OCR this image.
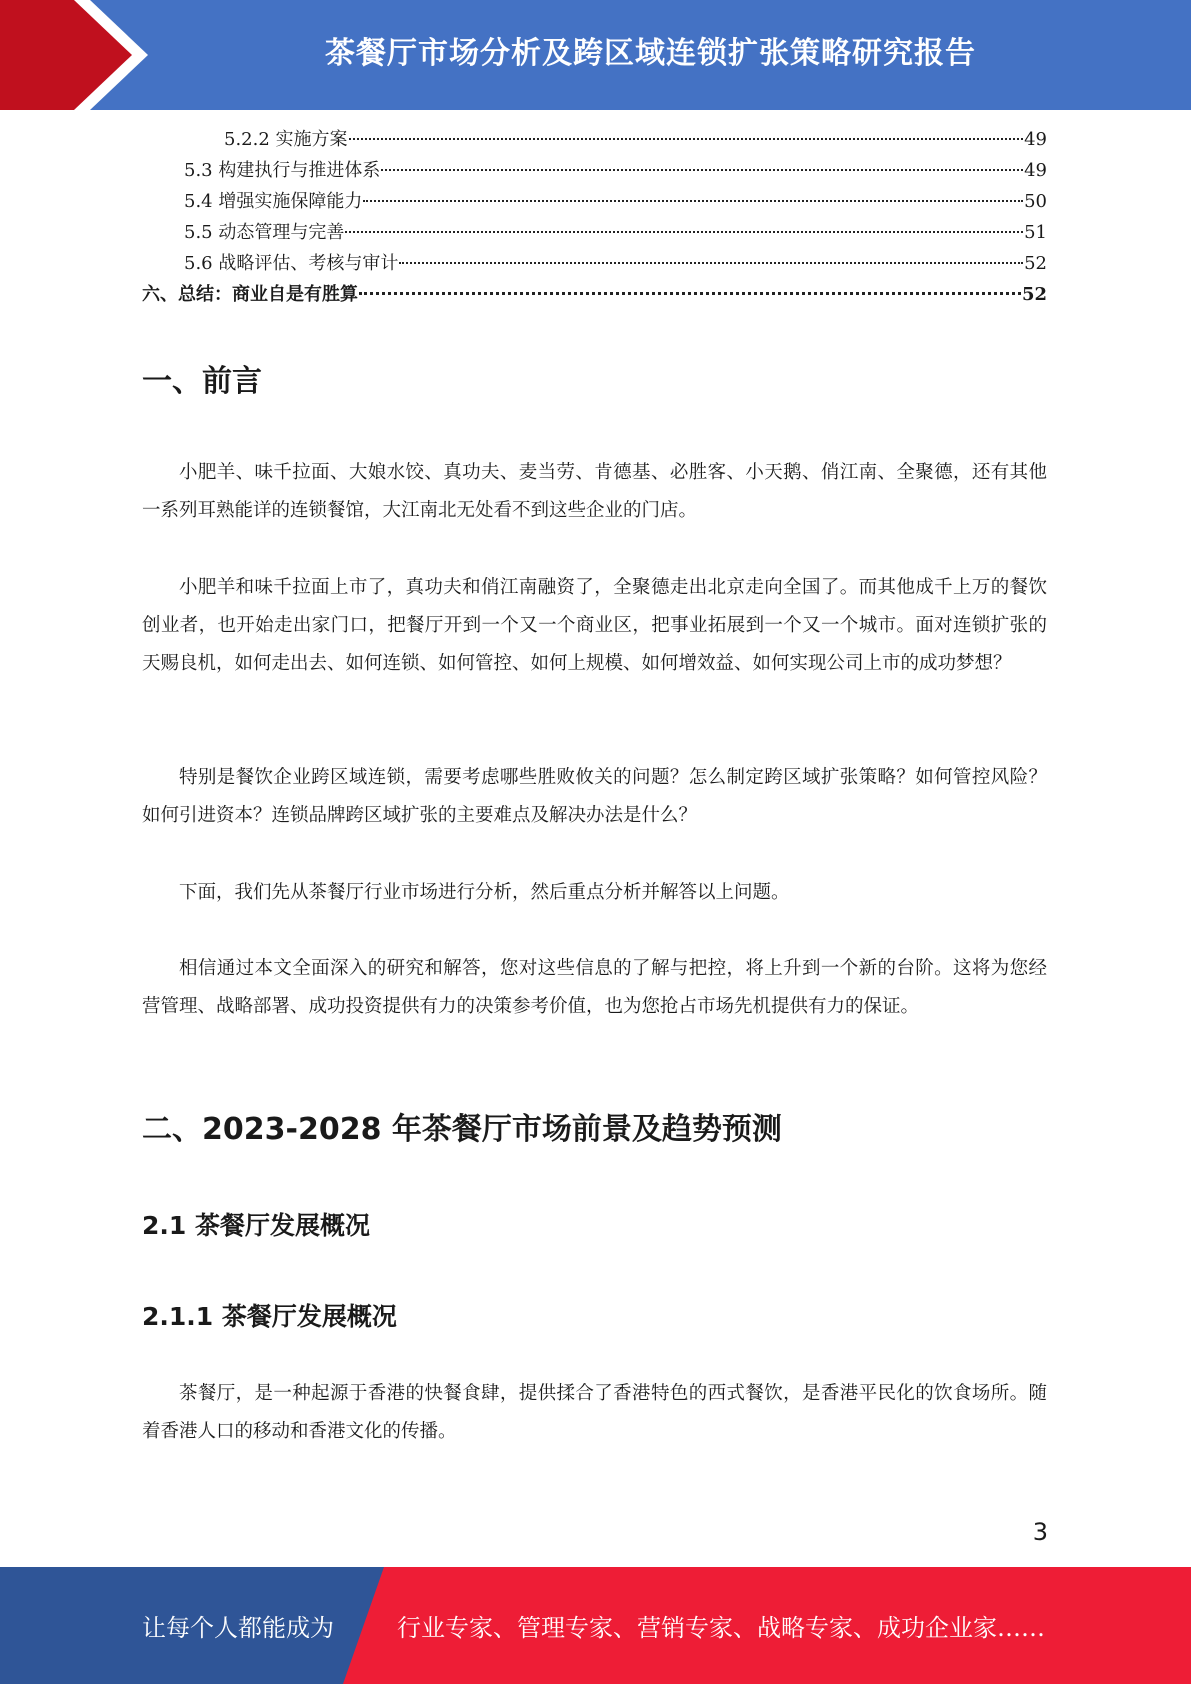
茶餐厅市场分析及跨区域连锁扩张策略研究报告
5.2.2 实施方案	49
5.3 构建执行与推进体系	49
5.4 增强实施保障能力	50
5.5 动态管理与完善	51
5.6 战略评估、考核与审计	52
六、总结：商业自是有胜算	52
一、前言

小肥羊、味千拉面、大娘水饺、真功夫、麦当劳、肯德基、必胜客、小天鹅、俏江南、全聚德，还有其他一系列耳熟能详的连锁餐馆，大江南北无处看不到这些企业的门店。

小肥羊和味千拉面上市了，真功夫和俏江南融资了，全聚德走出北京走向全国了。而其他成千上万的餐饮创业者，也开始走出家门口，把餐厅开到一个又一个商业区，把事业拓展到一个又一个城市。面对连锁扩张的天赐良机，如何走出去、如何连锁、如何管控、如何上规模、如何增效益、如何实现公司上市的成功梦想？

特别是餐饮企业跨区域连锁，需要考虑哪些胜败攸关的问题？怎么制定跨区域扩张策略？如何管控风险？如何引进资本？连锁品牌跨区域扩张的主要难点及解决办法是什么？

下面，我们先从茶餐厅行业市场进行分析，然后重点分析并解答以上问题。

相信通过本文全面深入的研究和解答，您对这些信息的了解与把控，将上升到一个新的台阶。这将为您经营管理、战略部署、成功投资提供有力的决策参考价值，也为您抢占市场先机提供有力的保证。

二、2023-2028 年茶餐厅市场前景及趋势预测
2.1 茶餐厅发展概况
2.1.1 茶餐厅发展概况

茶餐厅，是一种起源于香港的快餐食肆，提供揉合了香港特色的西式餐饮，是香港平民化的饮食场所。随着香港人口的移动和香港文化的传播。

3
让每个人都能成为	行业专家、管理专家、营销专家、战略专家、成功企业家……
